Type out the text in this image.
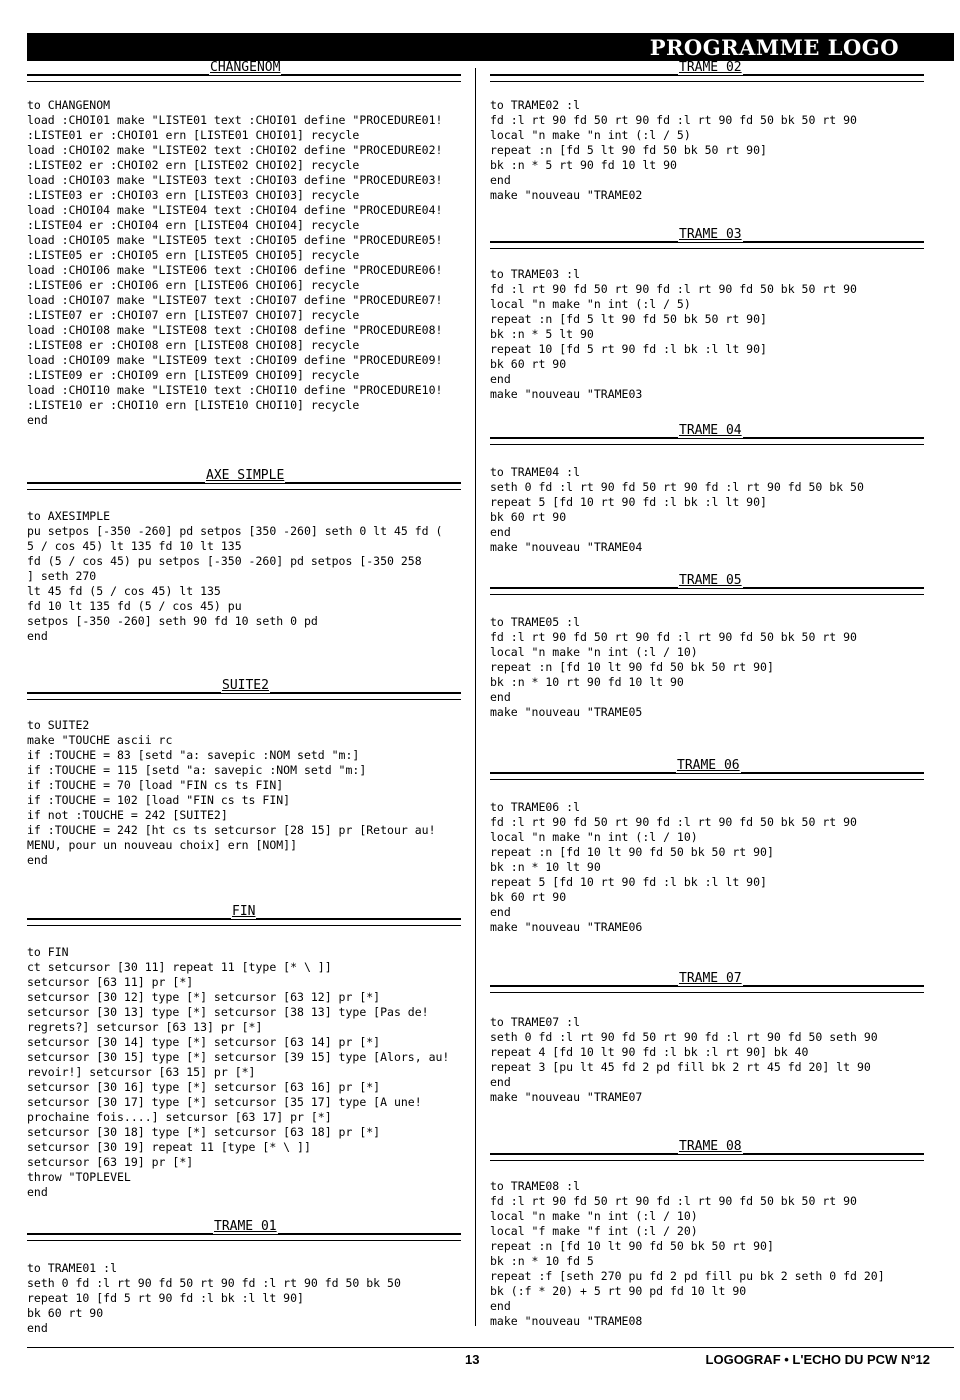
PROGRAMME LOGO
CHANGENOM
to CHANGENOM
load :CHOI01 make "LISTE01 text :CHOI01 define "PROCEDURE01!
:LISTE01 er :CHOI01 ern [LISTE01 CHOI01] recycle
load :CHOI02 make "LISTE02 text :CHOI02 define "PROCEDURE02!
:LISTE02 er :CHOI02 ern [LISTE02 CHOI02] recycle
load :CHOI03 make "LISTE03 text :CHOI03 define "PROCEDURE03!
:LISTE03 er :CHOI03 ern [LISTE03 CHOI03] recycle
load :CHOI04 make "LISTE04 text :CHOI04 define "PROCEDURE04!
:LISTE04 er :CHOI04 ern [LISTE04 CHOI04] recycle
load :CHOI05 make "LISTE05 text :CHOI05 define "PROCEDURE05!
:LISTE05 er :CHOI05 ern [LISTE05 CHOI05] recycle
load :CHOI06 make "LISTE06 text :CHOI06 define "PROCEDURE06!
:LISTE06 er :CHOI06 ern [LISTE06 CHOI06] recycle
load :CHOI07 make "LISTE07 text :CHOI07 define "PROCEDURE07!
:LISTE07 er :CHOI07 ern [LISTE07 CHOI07] recycle
load :CHOI08 make "LISTE08 text :CHOI08 define "PROCEDURE08!
:LISTE08 er :CHOI08 ern [LISTE08 CHOI08] recycle
load :CHOI09 make "LISTE09 text :CHOI09 define "PROCEDURE09!
:LISTE09 er :CHOI09 ern [LISTE09 CHOI09] recycle
load :CHOI10 make "LISTE10 text :CHOI10 define "PROCEDURE10!
:LISTE10 er :CHOI10 ern [LISTE10 CHOI10] recycle
end
AXE SIMPLE
to AXESIMPLE
pu setpos [-350 -260] pd setpos [350 -260] seth 0 lt 45 fd (
5 / cos 45) lt 135 fd 10 lt 135
fd (5 / cos 45) pu setpos [-350 -260] pd setpos [-350 258
] seth 270
lt 45 fd (5 / cos 45) lt 135
fd 10 lt 135 fd (5 / cos 45) pu
setpos [-350 -260] seth 90 fd 10 seth 0 pd
end
SUITE2
to SUITE2
make "TOUCHE ascii rc
if :TOUCHE = 83 [setd "a: savepic :NOM setd "m:]
if :TOUCHE = 115 [setd "a: savepic :NOM setd "m:]
if :TOUCHE = 70 [load "FIN cs ts FIN]
if :TOUCHE = 102 [load "FIN cs ts FIN]
if not :TOUCHE = 242 [SUITE2]
if :TOUCHE = 242 [ht cs ts setcursor [28 15] pr [Retour au!
MENU, pour un nouveau choix] ern [NOM]]
end
FIN
to FIN
ct setcursor [30 11] repeat 11 [type [* \ ]]
setcursor [63 11] pr [*]
setcursor [30 12] type [*] setcursor [63 12] pr [*]
setcursor [30 13] type [*] setcursor [38 13] type [Pas de!
regrets?] setcursor [63 13] pr [*]
setcursor [30 14] type [*] setcursor [63 14] pr [*]
setcursor [30 15] type [*] setcursor [39 15] type [Alors, au!
revoir!] setcursor [63 15] pr [*]
setcursor [30 16] type [*] setcursor [63 16] pr [*]
setcursor [30 17] type [*] setcursor [35 17] type [A une!
prochaine fois....] setcursor [63 17] pr [*]
setcursor [30 18] type [*] setcursor [63 18] pr [*]
setcursor [30 19] repeat 11 [type [* \ ]]
setcursor [63 19] pr [*]
throw "TOPLEVEL
end
TRAME 01
to TRAME01 :l
seth 0 fd :l rt 90 fd 50 rt 90 fd :l rt 90 fd 50 bk 50
repeat 10 [fd 5 rt 90 fd :l bk :l lt 90]
bk 60 rt 90
end
TRAME 02
to TRAME02 :l
fd :l rt 90 fd 50 rt 90 fd :l rt 90 fd 50 bk 50 rt 90
local "n make "n int (:l / 5)
repeat :n [fd 5 lt 90 fd 50 bk 50 rt 90]
bk :n * 5 rt 90 fd 10 lt 90
end
make "nouveau "TRAME02
TRAME 03
to TRAME03 :l
fd :l rt 90 fd 50 rt 90 fd :l rt 90 fd 50 bk 50 rt 90
local "n make "n int (:l / 5)
repeat :n [fd 5 lt 90 fd 50 bk 50 rt 90]
bk :n * 5 lt 90
repeat 10 [fd 5 rt 90 fd :l bk :l lt 90]
bk 60 rt 90
end
make "nouveau "TRAME03
TRAME 04
to TRAME04 :l
seth 0 fd :l rt 90 fd 50 rt 90 fd :l rt 90 fd 50 bk 50
repeat 5 [fd 10 rt 90 fd :l bk :l lt 90]
bk 60 rt 90
end
make "nouveau "TRAME04
TRAME 05
to TRAME05 :l
fd :l rt 90 fd 50 rt 90 fd :l rt 90 fd 50 bk 50 rt 90
local "n make "n int (:l / 10)
repeat :n [fd 10 lt 90 fd 50 bk 50 rt 90]
bk :n * 10 rt 90 fd 10 lt 90
end
make "nouveau "TRAME05
TRAME 06
to TRAME06 :l
fd :l rt 90 fd 50 rt 90 fd :l rt 90 fd 50 bk 50 rt 90
local "n make "n int (:l / 10)
repeat :n [fd 10 lt 90 fd 50 bk 50 rt 90]
bk :n * 10 lt 90
repeat 5 [fd 10 rt 90 fd :l bk :l lt 90]
bk 60 rt 90
end
make "nouveau "TRAME06
TRAME 07
to TRAME07 :l
seth 0 fd :l rt 90 fd 50 rt 90 fd :l rt 90 fd 50 seth 90
repeat 4 [fd 10 lt 90 fd :l bk :l rt 90] bk 40
repeat 3 [pu lt 45 fd 2 pd fill bk 2 rt 45 fd 20] lt 90
end
make "nouveau "TRAME07
TRAME 08
to TRAME08 :l
fd :l rt 90 fd 50 rt 90 fd :l rt 90 fd 50 bk 50 rt 90
local "n make "n int (:l / 10)
local "f make "f int (:l / 20)
repeat :n [fd 10 lt 90 fd 50 bk 50 rt 90]
bk :n * 10 fd 5
repeat :f [seth 270 pu fd 2 pd fill pu bk 2 seth 0 fd 20]
bk (:f * 20) + 5 rt 90 pd fd 10 lt 90
end
make "nouveau "TRAME08
13	LOGOGRAF • L'ECHO DU PCW N°12
